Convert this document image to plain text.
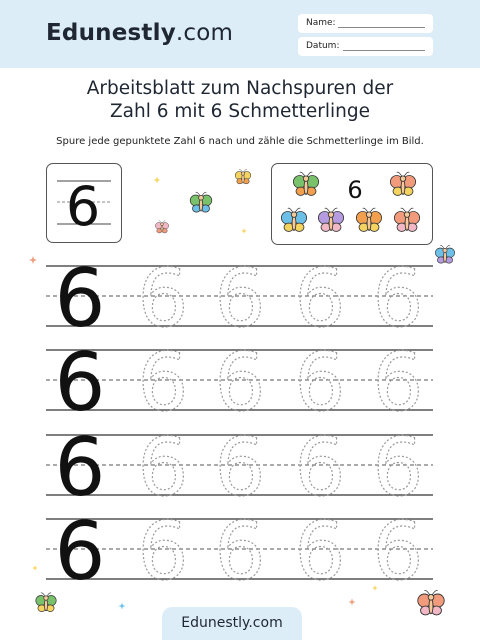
Edunestly.com	Name:
Datum:
Arbeitsblatt zum Nachspuren der
Zahl 6 mit 6 Schmetterlinge
Spure jede gepunktete Zahl 6 nach und zähle die Schmetterlinge im Bild.
6	6
6 6 6 6 6
6 6 6 6 6
6 6 6 6 6
6 6 6 6 6
Edunestly.com
